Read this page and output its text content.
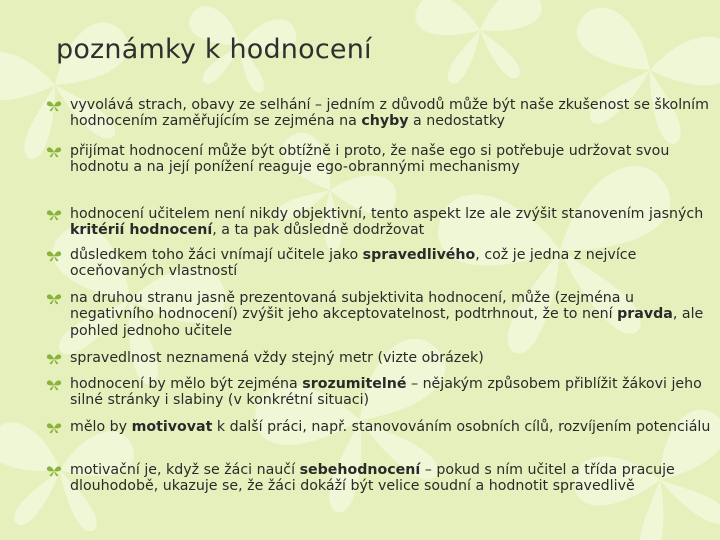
poznámky k hodnocení
vyvolává strach, obavy ze selhání – jedním z důvodů může být naše zkušenost se školním hodnocením zaměřujícím se zejména na chyby a nedostatky
přijímat hodnocení může být obtížně i proto, že naše ego si potřebuje udržovat svou hodnotu a na její ponížení reaguje ego-obrannými mechanismy
hodnocení učitelem není nikdy objektivní, tento aspekt lze ale zvýšit stanovením jasných kritérií hodnocení, a ta pak důsledně dodržovat
důsledkem toho žáci vnímají učitele jako spravedlivého, což je jedna z nejvíce oceňovaných vlastností
na druhou stranu jasně prezentovaná subjektivita hodnocení, může (zejména u negativního hodnocení) zvýšit jeho akceptovatelnost, podtrhnout, že to není pravda, ale pohled jednoho učitele
spravedlnost neznamená vždy stejný metr (vizte obrázek)
hodnocení by mělo být zejména srozumitelné – nějakým způsobem přiblížit žákovi jeho silné stránky i slabiny (v konkrétní situaci)
mělo by motivovat k další práci, např. stanovováním osobních cílů, rozvíjením potenciálu
motivační je, když se žáci naučí sebehodnocení – pokud s ním učitel a třída pracuje dlouhodobě, ukazuje se, že žáci dokáží být velice soudní a hodnotit spravedlivě
